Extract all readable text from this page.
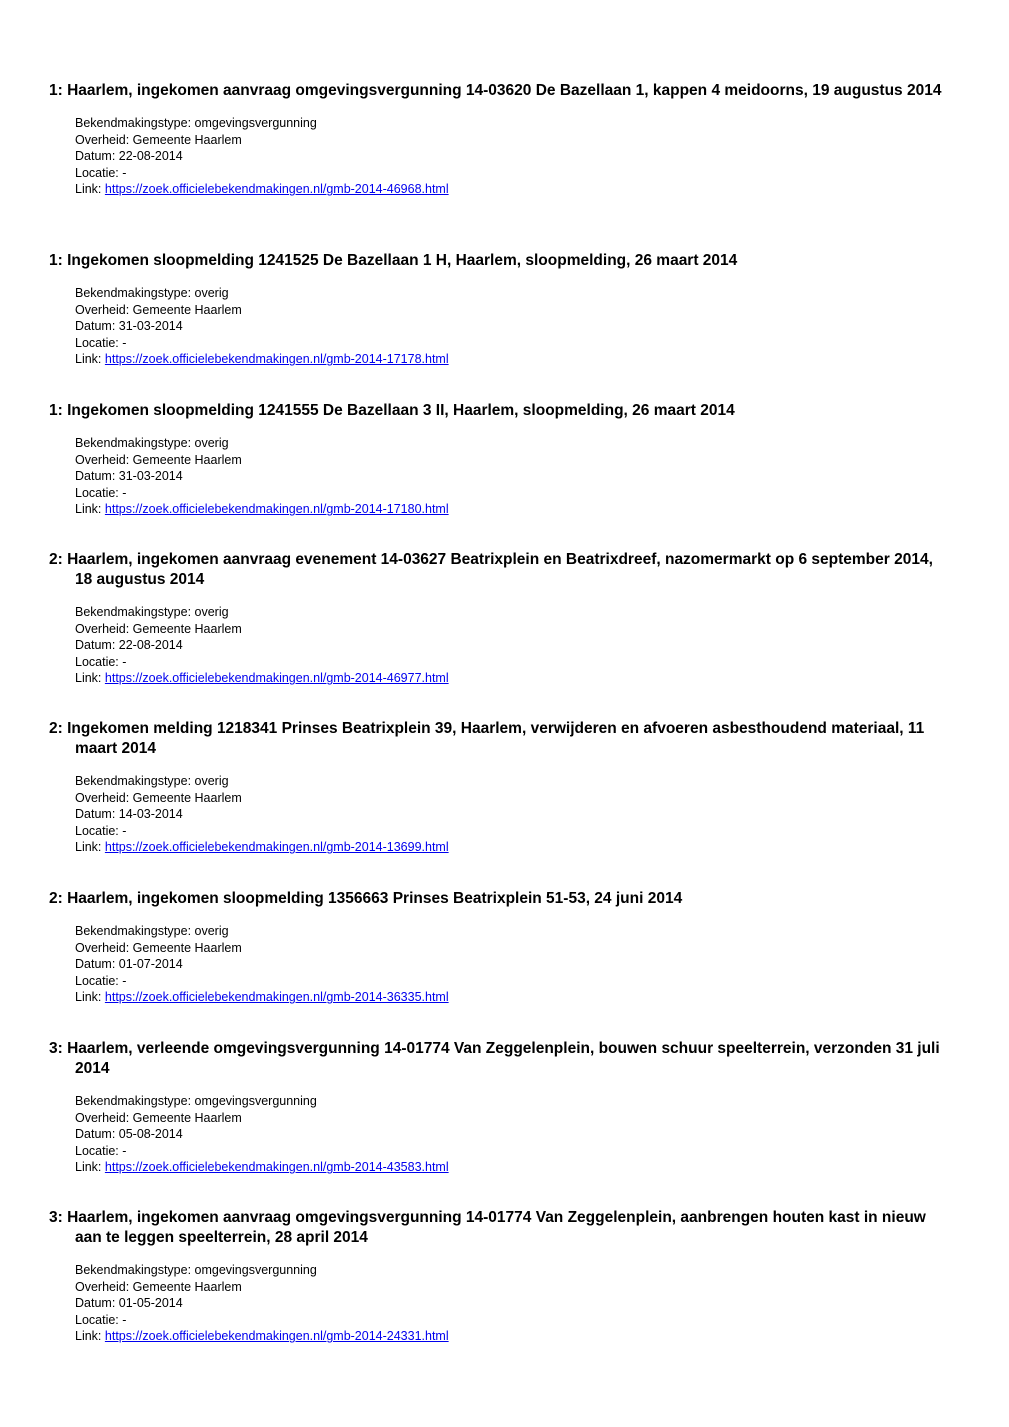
1: Haarlem, ingekomen aanvraag omgevingsvergunning 14-03620 De Bazellaan 1, kappen 4 meidoorns, 19 augustus 2014
Bekendmakingstype: omgevingsvergunning
Overheid: Gemeente Haarlem
Datum: 22-08-2014
Locatie: -
Link: https://zoek.officielebekendmakingen.nl/gmb-2014-46968.html
1: Ingekomen sloopmelding 1241525 De Bazellaan 1 H, Haarlem, sloopmelding, 26 maart 2014
Bekendmakingstype: overig
Overheid: Gemeente Haarlem
Datum: 31-03-2014
Locatie: -
Link: https://zoek.officielebekendmakingen.nl/gmb-2014-17178.html
1: Ingekomen sloopmelding 1241555 De Bazellaan 3 II, Haarlem, sloopmelding, 26 maart 2014
Bekendmakingstype: overig
Overheid: Gemeente Haarlem
Datum: 31-03-2014
Locatie: -
Link: https://zoek.officielebekendmakingen.nl/gmb-2014-17180.html
2: Haarlem, ingekomen aanvraag evenement 14-03627 Beatrixplein en Beatrixdreef, nazomermarkt op 6 september 2014, 18 augustus 2014
Bekendmakingstype: overig
Overheid: Gemeente Haarlem
Datum: 22-08-2014
Locatie: -
Link: https://zoek.officielebekendmakingen.nl/gmb-2014-46977.html
2: Ingekomen melding 1218341 Prinses Beatrixplein 39, Haarlem, verwijderen en afvoeren asbesthoudend materiaal, 11 maart 2014
Bekendmakingstype: overig
Overheid: Gemeente Haarlem
Datum: 14-03-2014
Locatie: -
Link: https://zoek.officielebekendmakingen.nl/gmb-2014-13699.html
2: Haarlem, ingekomen sloopmelding 1356663 Prinses Beatrixplein 51-53, 24 juni 2014
Bekendmakingstype: overig
Overheid: Gemeente Haarlem
Datum: 01-07-2014
Locatie: -
Link: https://zoek.officielebekendmakingen.nl/gmb-2014-36335.html
3: Haarlem, verleende omgevingsvergunning 14-01774 Van Zeggelenplein, bouwen schuur speelterrein, verzonden 31 juli 2014
Bekendmakingstype: omgevingsvergunning
Overheid: Gemeente Haarlem
Datum: 05-08-2014
Locatie: -
Link: https://zoek.officielebekendmakingen.nl/gmb-2014-43583.html
3: Haarlem, ingekomen aanvraag omgevingsvergunning 14-01774 Van Zeggelenplein, aanbrengen houten kast in nieuw aan te leggen speelterrein, 28 april 2014
Bekendmakingstype: omgevingsvergunning
Overheid: Gemeente Haarlem
Datum: 01-05-2014
Locatie: -
Link: https://zoek.officielebekendmakingen.nl/gmb-2014-24331.html
